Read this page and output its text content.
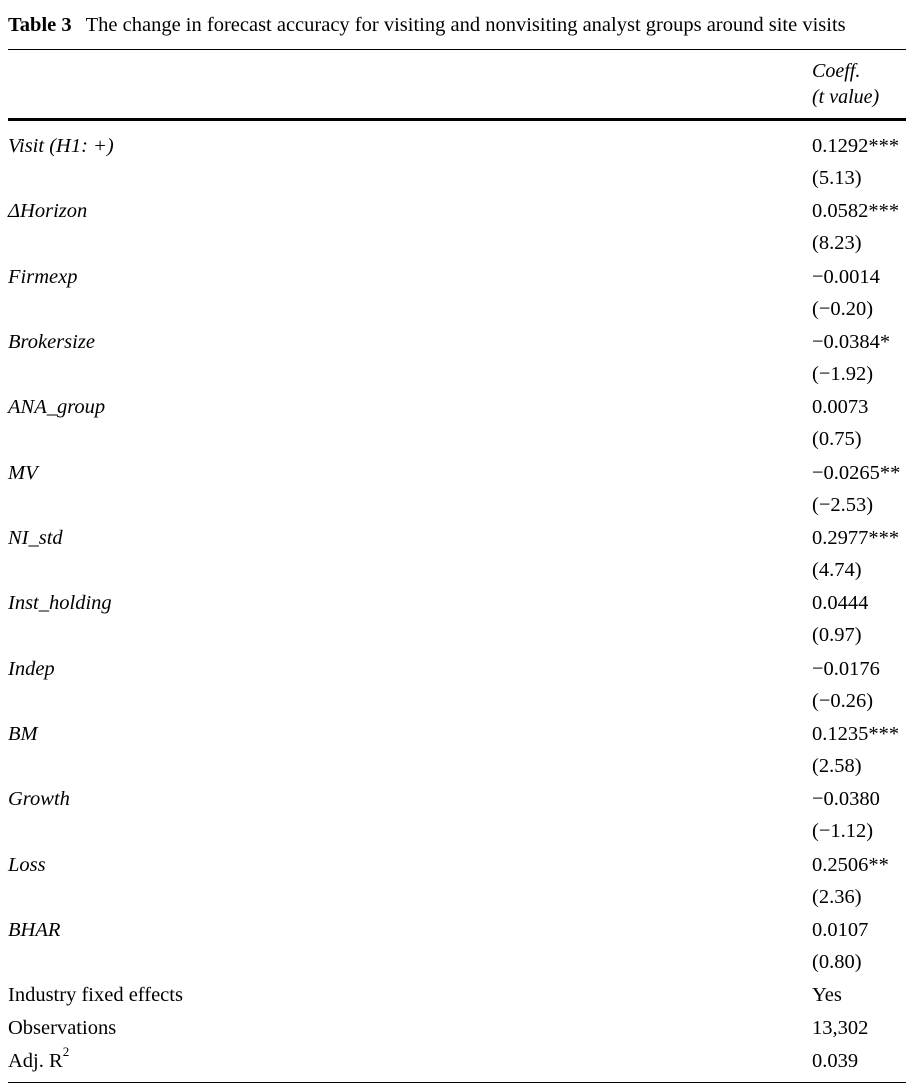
Table 3 The change in forecast accuracy for visiting and nonvisiting analyst groups around site visits
Coeff.
(t value)
Visit (H1: +)	0.1292***
(5.13)
ΔHorizon	0.0582***
(8.23)
Firmexp	−0.0014
(−0.20)
Brokersize	−0.0384*
(−1.92)
ANA_group	0.0073
(0.75)
MV	−0.0265**
(−2.53)
NI_std	0.2977***
(4.74)
Inst_holding	0.0444
(0.97)
Indep	−0.0176
(−0.26)
BM	0.1235***
(2.58)
Growth	−0.0380
(−1.12)
Loss	0.2506**
(2.36)
BHAR	0.0107
(0.80)
Industry fixed effects	Yes
Observations	13,302
Adj. $R^2$	0.039
